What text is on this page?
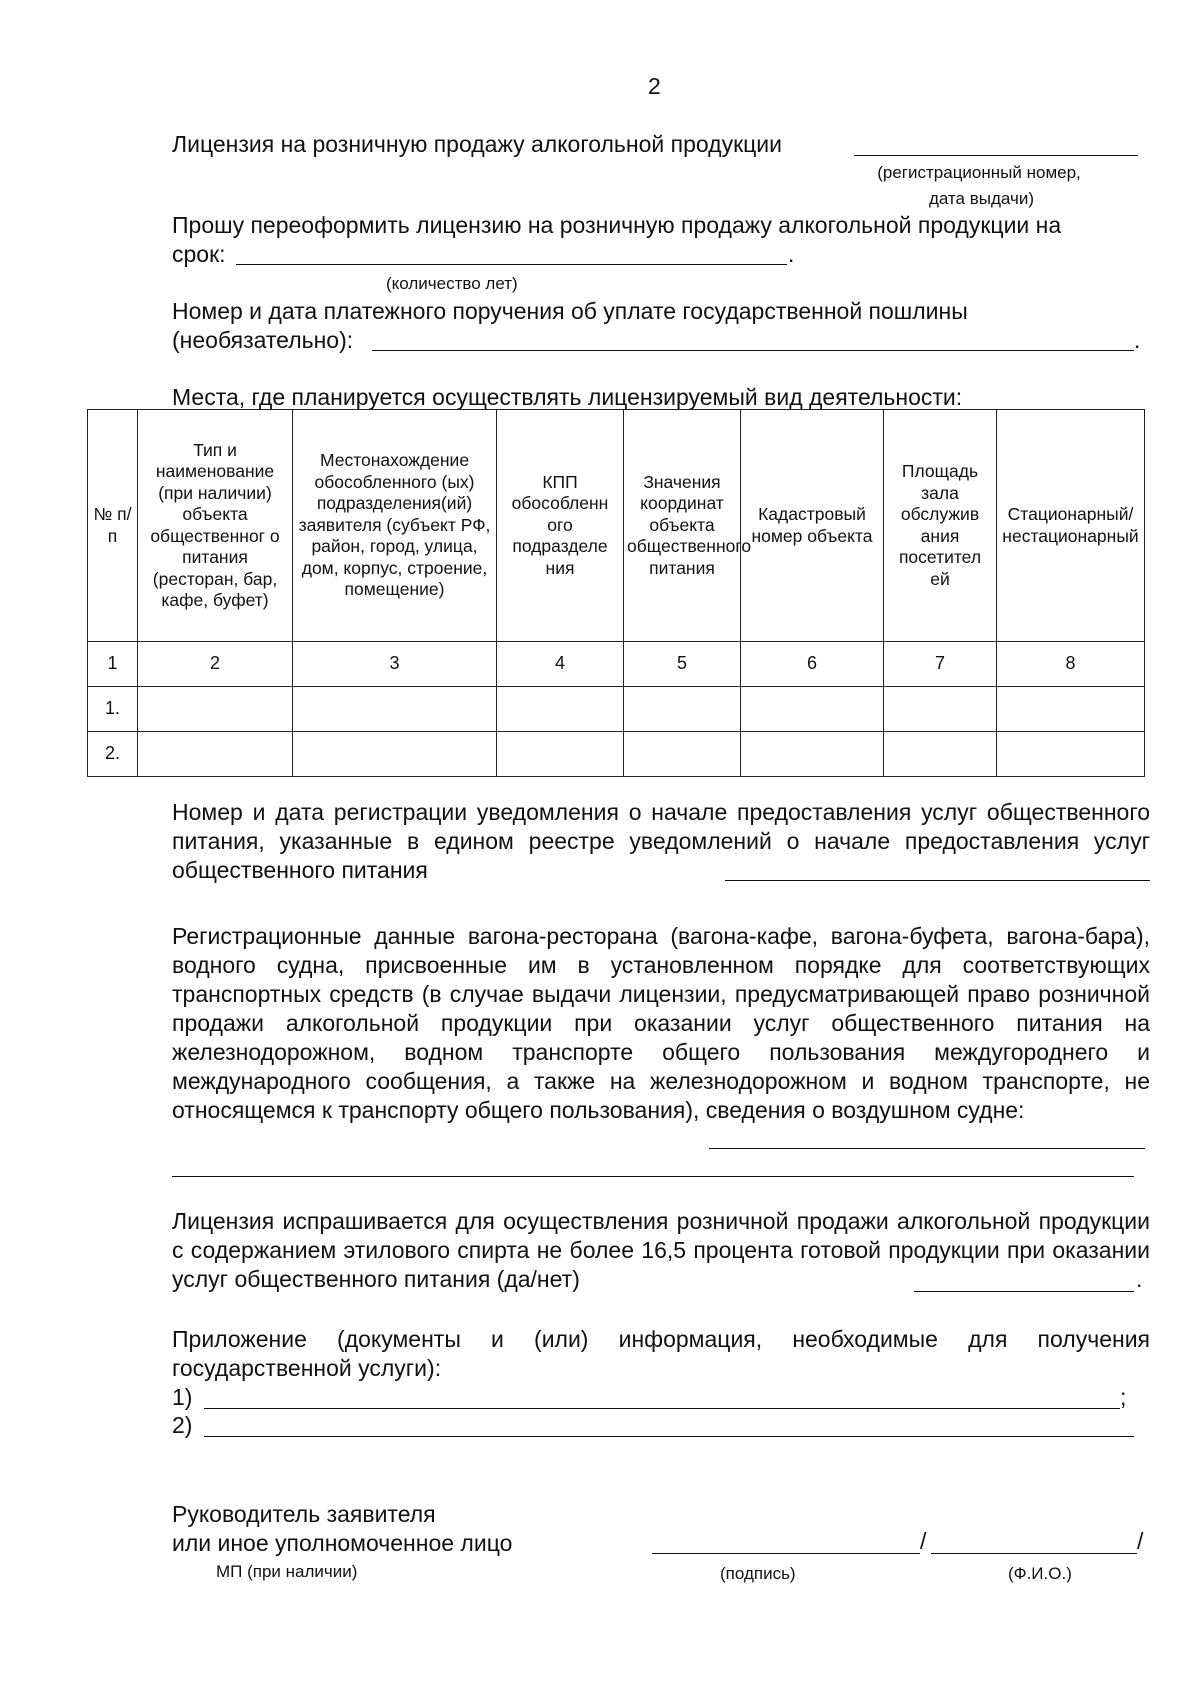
2
Лицензия на розничную продажу алкогольной продукции
(регистрационный номер,
дата выдачи)
Прошу переоформить лицензию на розничную продажу алкогольной продукции на
срок:	.
(количество лет)
Номер и дата платежного поручения об уплате государственной пошлины
(необязательно):	.
Места, где планируется осуществлять лицензируемый вид деятельности:
№ п/п	Тип и наименование (при наличии) объекта общественног о питания (ресторан, бар, кафе, буфет)	Местонахождение обособленного (ых) подразделения(ий) заявителя (субъект РФ, район, город, улица, дом, корпус, строение, помещение)	КПП обособленн ого подразделе ния	Значения координат объекта общественного питания	Кадастровый номер объекта	Площадь зала обслужив ания посетител ей	Стационарный/ нестационарный
1	2	3	4	5	6	7	8
1.							
2.							
Номер и дата регистрации уведомления о начале предоставления услуг общественного питания, указанные в едином реестре уведомлений о начале предоставления услуг общественного питания
Регистрационные данные вагона-ресторана (вагона-кафе, вагона-буфета, вагона-бара), водного судна, присвоенные им в установленном порядке для соответствующих транспортных средств (в случае выдачи лицензии, предусматривающей право розничной продажи алкогольной продукции при оказании услуг общественного питания на железнодорожном, водном транспорте общего пользования междугороднего и международного сообщения, а также на железнодорожном и водном транспорте, не относящемся к транспорту общего пользования), сведения о воздушном судне:
Лицензия испрашивается для осуществления розничной продажи алкогольной продукции с содержанием этилового спирта не более 16,5 процента готовой продукции при оказании услуг общественного питания (да/нет)	.
Приложение (документы и (или) информация, необходимые для получения государственной услуги):
1)	;
2)
Руководитель заявителя
или иное уполномоченное лицо
МП (при наличии)
/	/
(подпись)	(Ф.И.О.)
